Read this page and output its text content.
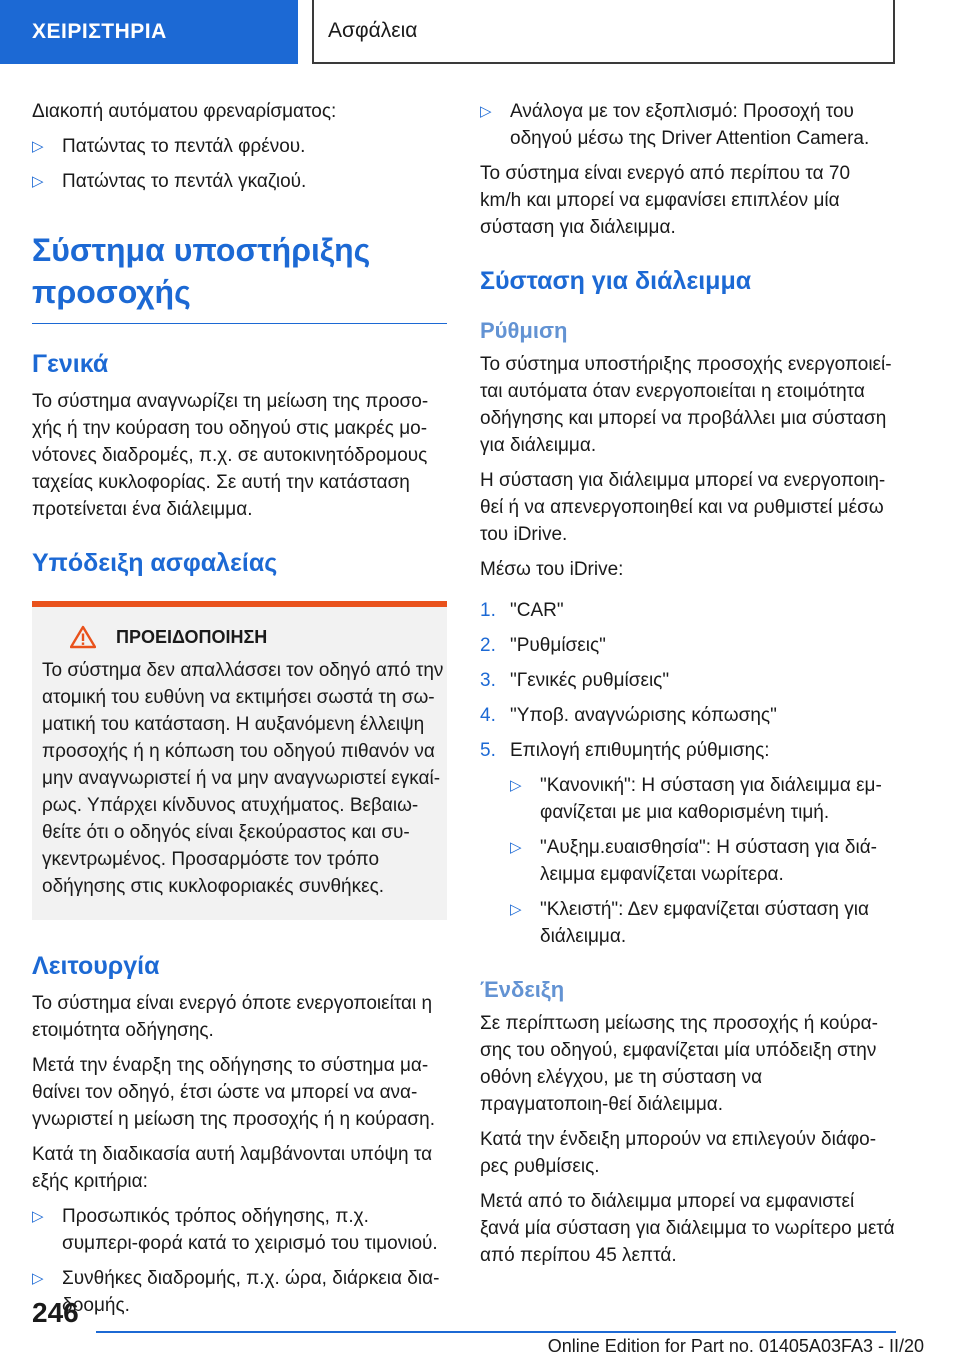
ΧΕΙΡΙΣΤΗΡΙΑ	Ασφάλεια

Διακοπή αυτόματου φρεναρίσματος:

▷ Πατώντας το πεντάλ φρένου.
▷ Πατώντας το πεντάλ γκαζιού.
Σύστημα υποστήριξης προσοχής
Γενικά

Το σύστημα αναγνωρίζει τη μείωση της προσο-χής ή την κούραση του οδηγού στις μακρές μο-νότονες διαδρομές, π.χ. σε αυτοκινητόδρομους ταχείας κυκλοφορίας. Σε αυτή την κατάσταση προτείνεται ένα διάλειμμα.

Υπόδειξη ασφαλείας
ΠΡΟΕΙΔΟΠΟΙΗΣΗ

Το σύστημα δεν απαλλάσσει τον οδηγό από την ατομική του ευθύνη να εκτιμήσει σωστά τη σω-ματική του κατάσταση. Η αυξανόμενη έλλειψη προσοχής ή η κόπωση του οδηγού πιθανόν να μην αναγνωριστεί ή να μην αναγνωριστεί εγκαί-ρως. Υπάρχει κίνδυνος ατυχήματος. Βεβαιω-θείτε ότι ο οδηγός είναι ξεκούραστος και συ-γκεντρωμένος. Προσαρμόστε τον τρόπο οδήγησης στις κυκλοφοριακές συνθήκες.

Λειτουργία

Το σύστημα είναι ενεργό όποτε ενεργοποιείται η ετοιμότητα οδήγησης.

Μετά την έναρξη της οδήγησης το σύστημα μα-θαίνει τον οδηγό, έτσι ώστε να μπορεί να ανα-γνωριστεί η μείωση της προσοχής ή η κούραση.

Κατά τη διαδικασία αυτή λαμβάνονται υπόψη τα εξής κριτήρια:

▷ Προσωπικός τρόπος οδήγησης, π.χ. συμπερι-φορά κατά το χειρισμό του τιμονιού.
▷ Συνθήκες διαδρομής, π.χ. ώρα, διάρκεια δια-δρομής.
▷ Ανάλογα με τον εξοπλισμό: Προσοχή του οδηγού μέσω της Driver Attention Camera.

Το σύστημα είναι ενεργό από περίπου τα 70 km/h και μπορεί να εμφανίσει επιπλέον μία σύσταση για διάλειμμα.

Σύσταση για διάλειμμα
Ρύθμιση

Το σύστημα υποστήριξης προσοχής ενεργοποιεί-ται αυτόματα όταν ενεργοποιείται η ετοιμότητα οδήγησης και μπορεί να προβάλλει μια σύσταση για διάλειμμα.

Η σύσταση για διάλειμμα μπορεί να ενεργοποιη-θεί ή να απενεργοποιηθεί και να ρυθμιστεί μέσω του iDrive.

Μέσω του iDrive:

1. "CAR"
2. "Ρυθμίσεις"
3. "Γενικές ρυθμίσεις"
4. "Υποβ. αναγνώρισης κόπωσης"
5. Επιλογή επιθυμητής ρύθμισης:
▷ "Κανονική": Η σύσταση για διάλειμμα εμ-φανίζεται με μια καθορισμένη τιμή.
▷ "Αυξημ.ευαισθησία": Η σύσταση για διά-λειμμα εμφανίζεται νωρίτερα.
▷ "Κλειστή": Δεν εμφανίζεται σύσταση για διάλειμμα.
Ένδειξη

Σε περίπτωση μείωσης της προσοχής ή κούρα-σης του οδηγού, εμφανίζεται μία υπόδειξη στην οθόνη ελέγχου, με τη σύσταση να πραγματοποιη-θεί διάλειμμα.

Κατά την ένδειξη μπορούν να επιλεγούν διάφο-ρες ρυθμίσεις.

Μετά από το διάλειμμα μπορεί να εμφανιστεί ξανά μία σύσταση για διάλειμμα το νωρίτερο μετά από περίπου 45 λεπτά.

246
Online Edition for Part no. 01405A03FA3 - II/20
